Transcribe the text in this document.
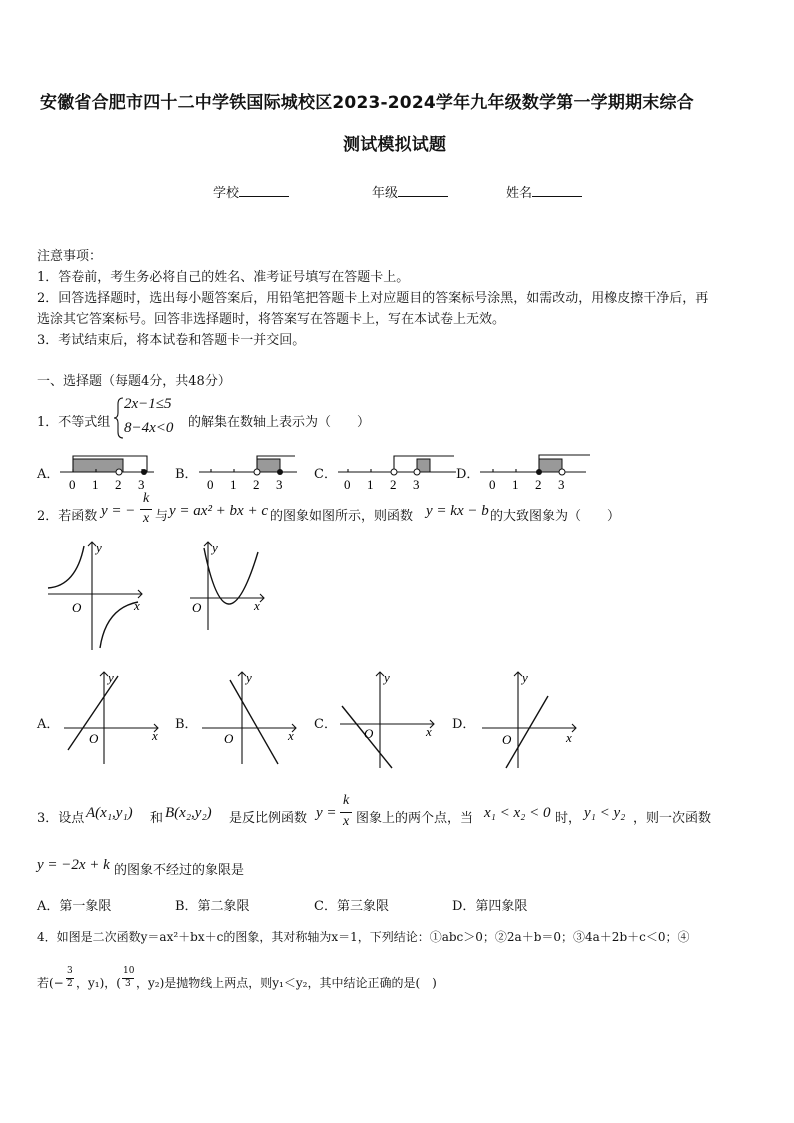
安徽省合肥市四十二中学铁国际城校区2023-2024学年九年级数学第一学期期末综合
测试模拟试题
学校	年级	姓名
注意事项：
1．答卷前，考生务必将自己的姓名、准考证号填写在答题卡上。
2．回答选择题时，选出每小题答案后，用铅笔把答题卡上对应题目的答案标号涂黑，如需改动，用橡皮擦干净后，再
选涂其它答案标号。回答非选择题时，将答案写在答题卡上，写在本试卷上无效。
3．考试结束后，将本试卷和答题卡一并交回。
一、选择题（每题4分，共48分）
1．不等式组
2x−1≤5
8−4x<0 的解集在数轴上表示为（　　）
A．	B．	C．	D．
0 1 2 3	0 1 2 3	0 1 2 3	0 1 2 3
2．若函数 y = −
k
x 与 y = ax² + bx + c 的图象如图所示，则函数 y = kx − b 的大致图象为（　　）
y
x
O
y
x
O
A．	B．	C．	D．
y
x
O
y
x
O
y
x
O
y
x
O
3．设点 A(x₁,y₁) 和 B(x₂,y₂) 是反比例函数 y =
k
x 图象上的两个点，当 x₁ < x₂ < 0 时， y₁ < y₂ ，则一次函数
y = −2x + k 的图象不经过的象限是
A．第一象限	B．第二象限	C．第三象限	D．第四象限
4．如图是二次函数y＝ax²＋bx＋c的图象，其对称轴为x＝1，下列结论：①abc＞0；②2a＋b＝0；③4a＋2b＋c＜0；④
若(−
3
2 ，y₁)，(
10
3 ，y₂)是抛物线上两点，则y₁＜y₂，其中结论正确的是(　)
